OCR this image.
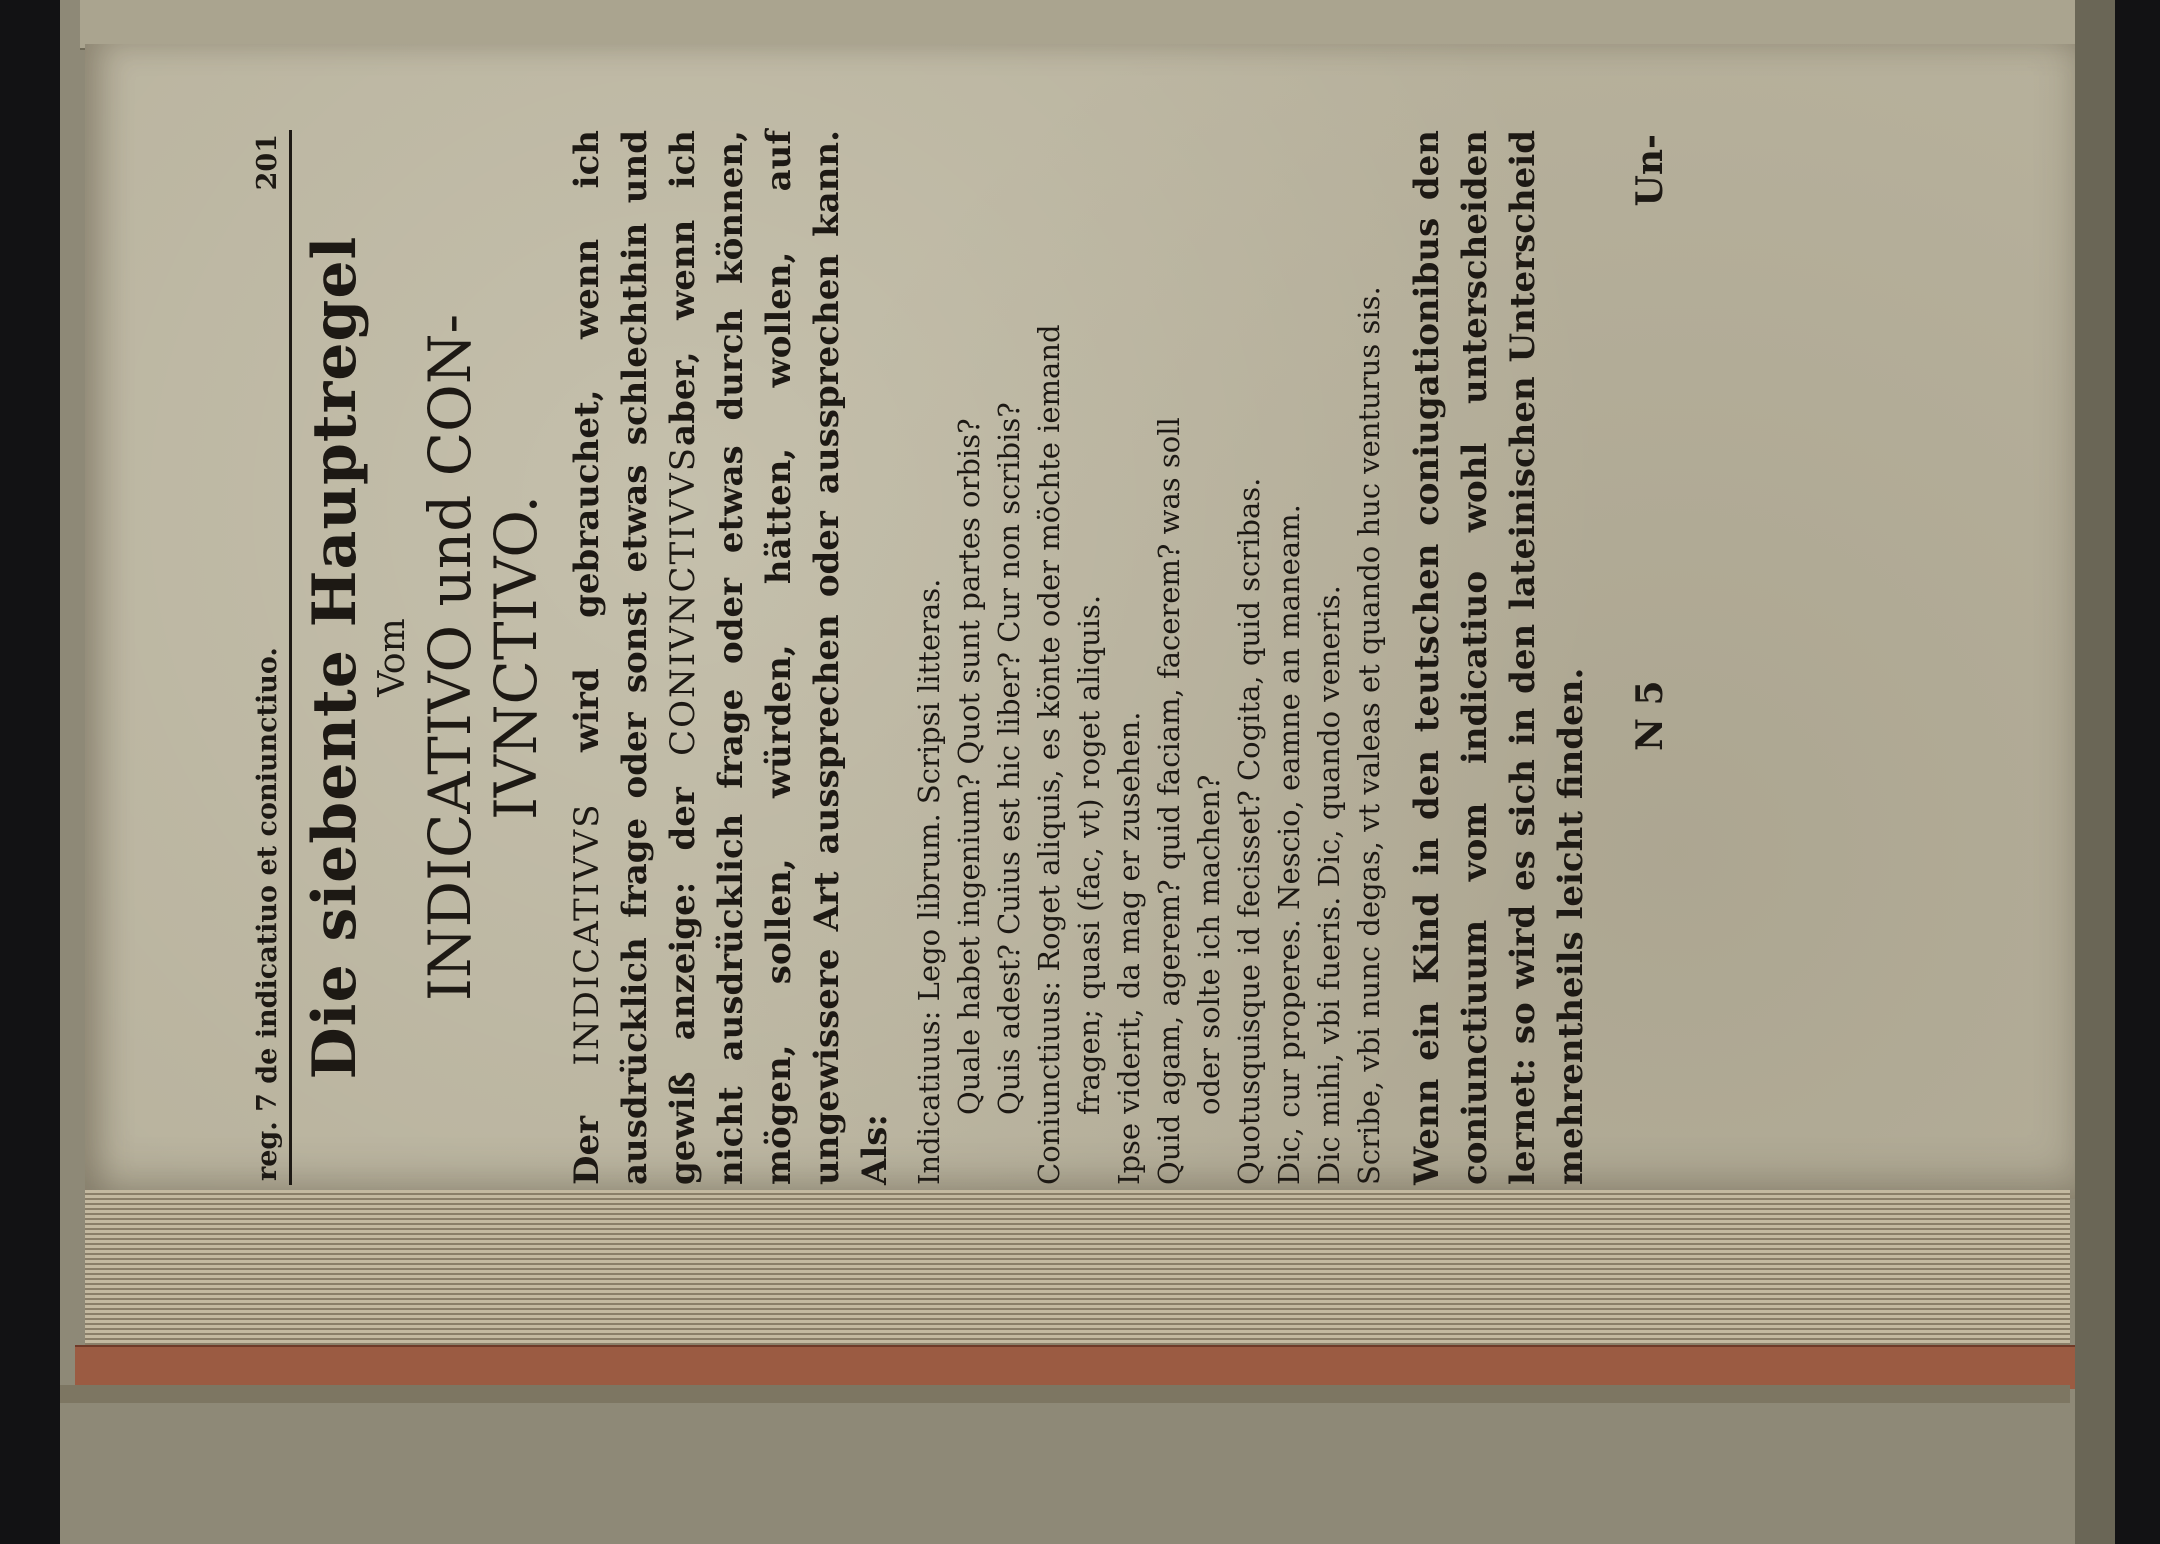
reg. 7 de indicatiuo et coniunctiuo.
201
Die siebente Hauptregel Vom INDICATIVO und CON-
IVNCTIVO.
Der INDICATIVVS wird gebrauchet, wenn ich ausdrücklich frage oder sonst etwas schlechthin und gewiß anzeige: der CONIVNCTIVVSaber, wenn ich nicht ausdrücklich frage oder etwas durch können, mögen, sollen, würden, hätten, wollen, auf ungewissere Art aussprechen oder aussprechen kann. Als: Indicatiuus: Lego librum. Scripsi litteras. Quale habet ingenium? Quot sunt partes orbis? Quis adest? Cuius est hic liber? Cur non scribis? Coniunctiuus: Roget aliquis, es könte oder möchte iemand fragen; quasi (fac, vt) roget aliquis. Ipse viderit, da mag er zusehen. Quid agam, agerem? quid faciam, facerem? was soll oder solte ich machen? Quotusquisque id fecisset? Cogita, quid scribas. Dic, cur properes. Nescio, eamne an maneam. Dic mihi, vbi fueris. Dic, quando veneris. Scribe, vbi nunc degas, vt valeas et quando huc venturus sis. Wenn ein Kind in den teutschen coniugationibus den coniunctiuum vom indicatiuo wohl unterscheiden lernet: so wird es sich in den lateinischen Unterscheid mehrentheils leicht finden. N 5
Un-
